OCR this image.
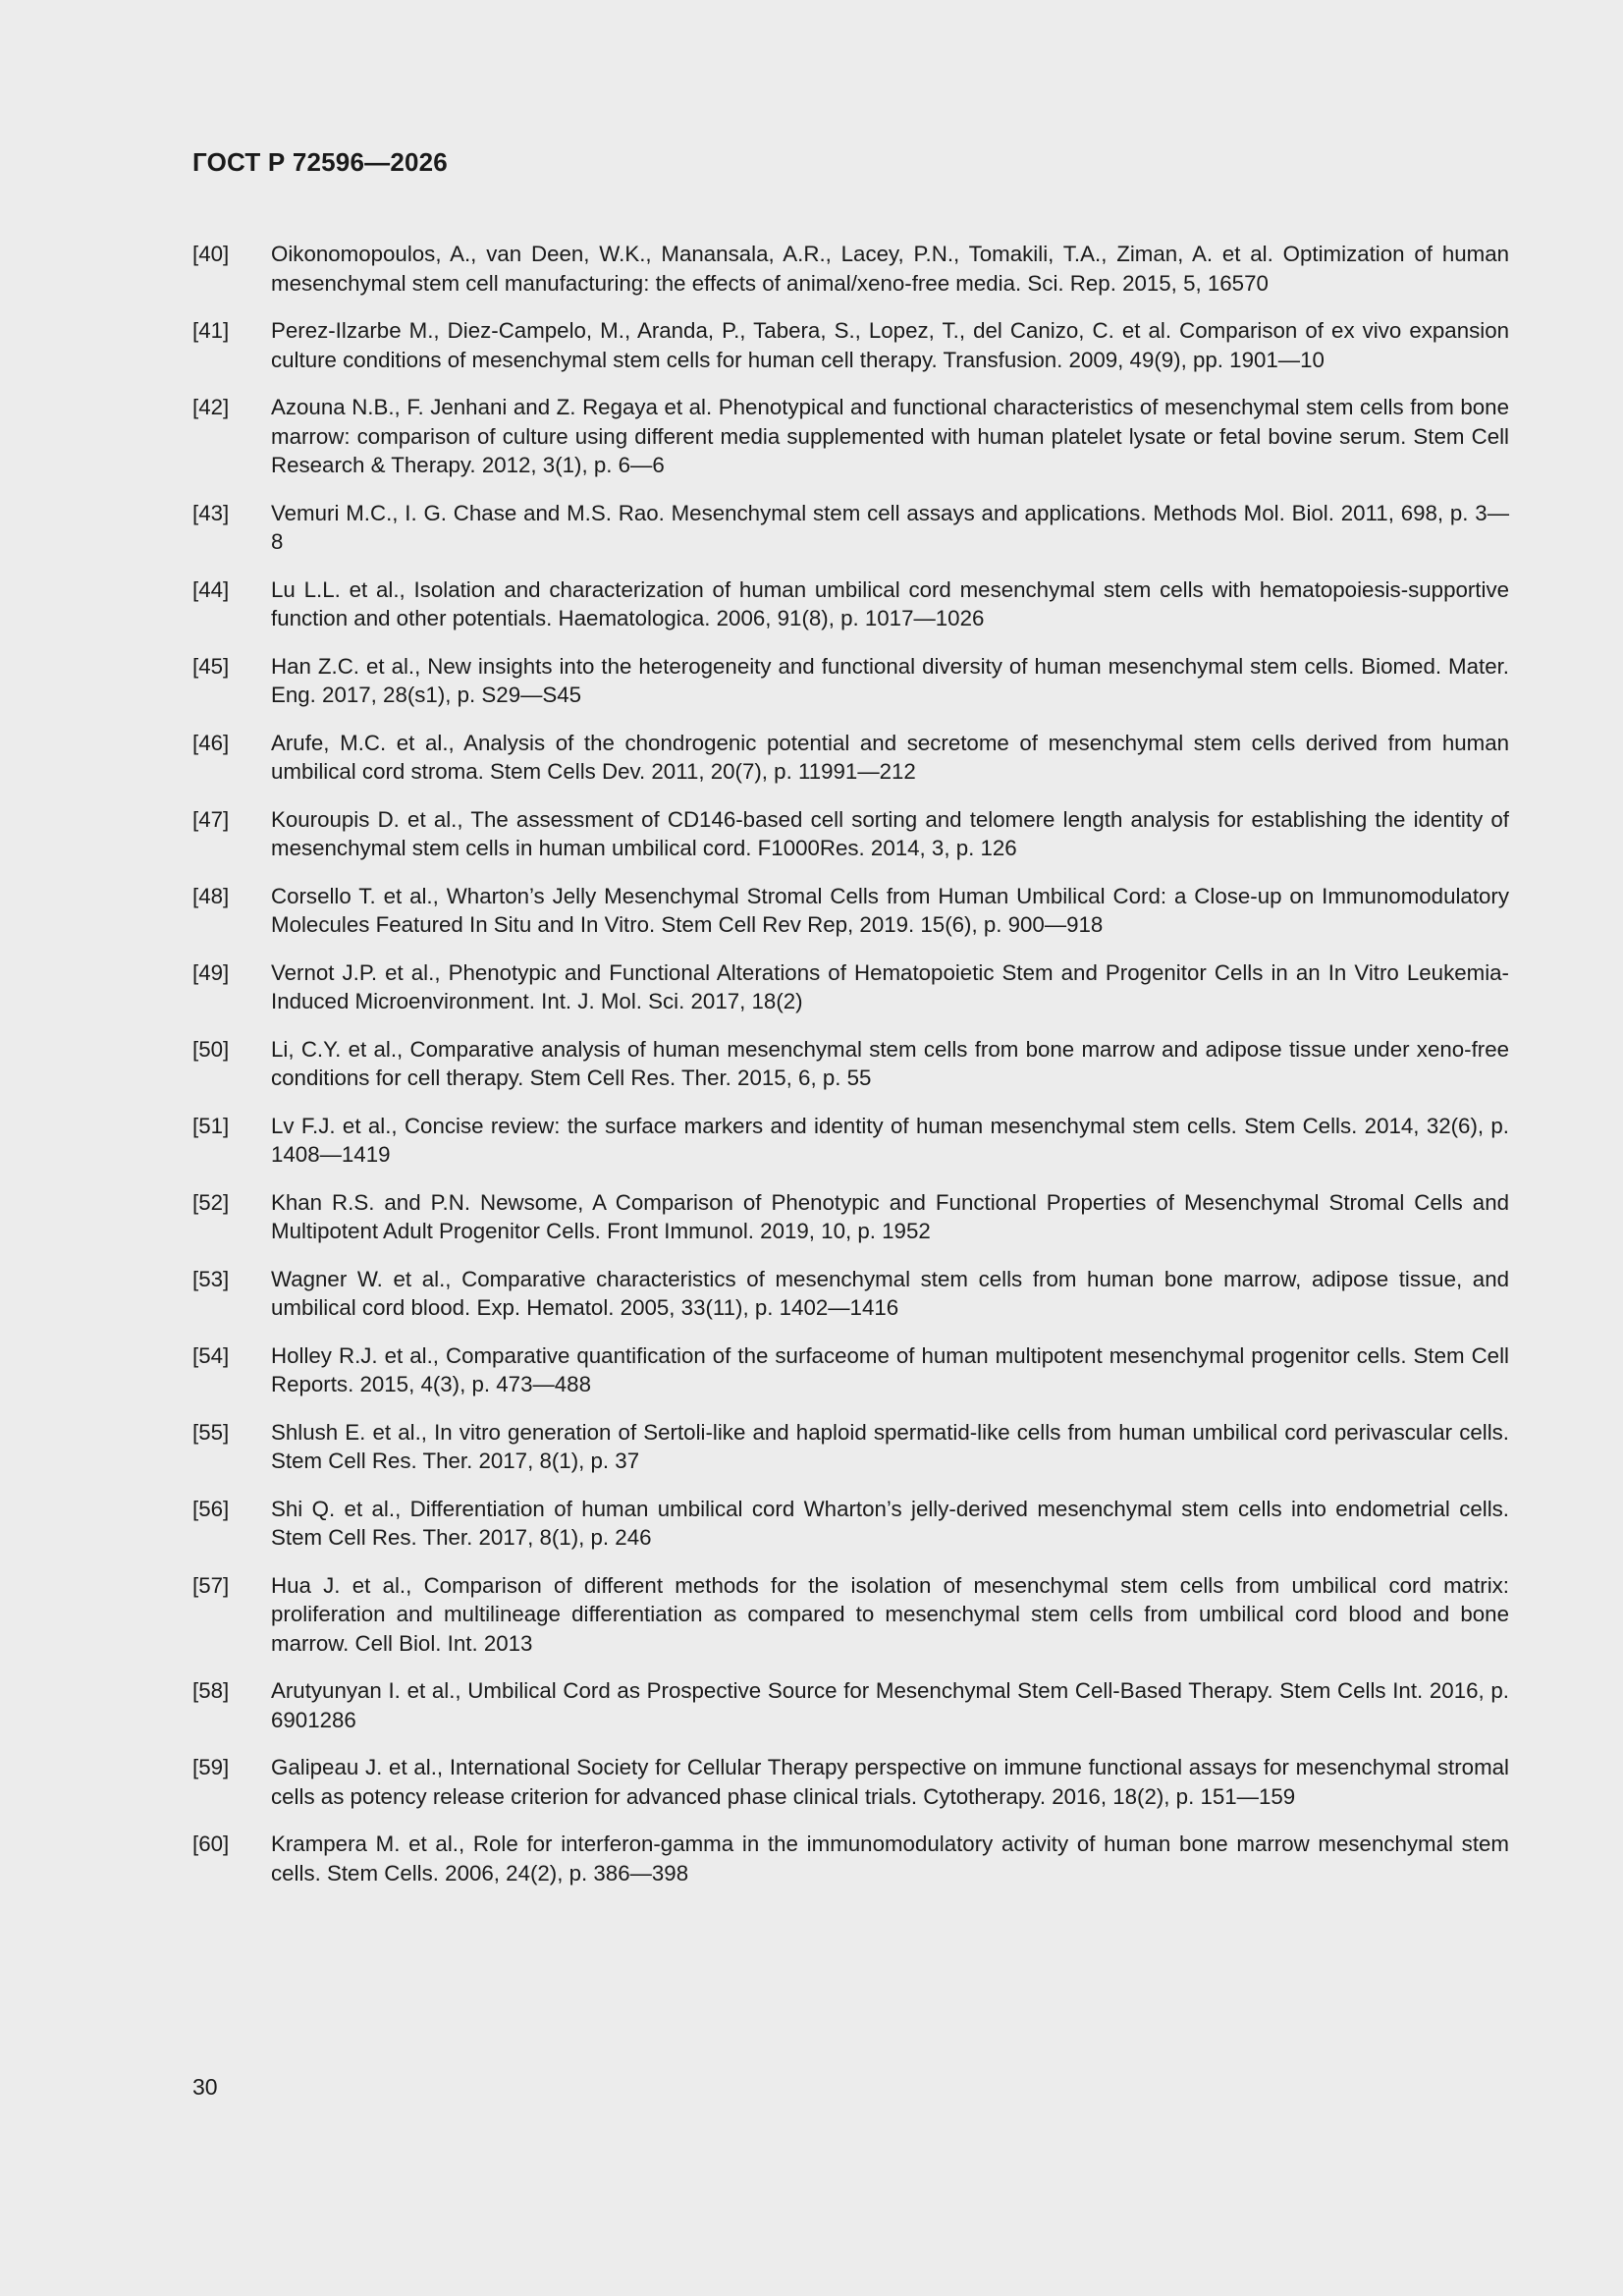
ГОСТ Р 72596—2026
[40]	Oikonomopoulos, A., van Deen, W.K., Manansala, A.R., Lacey, P.N., Tomakili, T.A., Ziman, A. et al. Optimization of human mesenchymal stem cell manufacturing: the effects of animal/xeno-free media. Sci. Rep. 2015, 5, 16570
[41]	Perez-Ilzarbe M., Diez-Campelo, M., Aranda, P., Tabera, S., Lopez, T., del Canizo, C. et al. Comparison of ex vivo expansion culture conditions of mesenchymal stem cells for human cell therapy. Transfusion. 2009, 49(9), pp. 1901—10
[42]	Azouna N.B., F. Jenhani and Z. Regaya et al. Phenotypical and functional characteristics of mesenchymal stem cells from bone marrow: comparison of culture using different media supplemented with human platelet lysate or fetal bovine serum. Stem Cell Research & Therapy. 2012, 3(1), p. 6—6
[43]	Vemuri M.C., I. G. Chase and M.S. Rao. Mesenchymal stem cell assays and applications. Methods Mol. Biol. 2011, 698, p. 3—8
[44]	Lu L.L. et al., Isolation and characterization of human umbilical cord mesenchymal stem cells with hematopoiesis-supportive function and other potentials. Haematologica. 2006, 91(8), p. 1017—1026
[45]	Han Z.C. et al., New insights into the heterogeneity and functional diversity of human mesenchymal stem cells. Biomed. Mater. Eng. 2017, 28(s1), p. S29—S45
[46]	Arufe, M.C. et al., Analysis of the chondrogenic potential and secretome of mesenchymal stem cells derived from human umbilical cord stroma. Stem Cells Dev. 2011, 20(7), p. 11991—212
[47]	Kouroupis D. et al., The assessment of CD146-based cell sorting and telomere length analysis for establishing the identity of mesenchymal stem cells in human umbilical cord. F1000Res. 2014, 3, p. 126
[48]	Corsello T. et al., Wharton’s Jelly Mesenchymal Stromal Cells from Human Umbilical Cord: a Close-up on Immunomodulatory Molecules Featured In Situ and In Vitro. Stem Cell Rev Rep, 2019. 15(6), p. 900—918
[49]	Vernot J.P. et al., Phenotypic and Functional Alterations of Hematopoietic Stem and Progenitor Cells in an In Vitro Leukemia-Induced Microenvironment. Int. J. Mol. Sci. 2017, 18(2)
[50]	Li, C.Y. et al., Comparative analysis of human mesenchymal stem cells from bone marrow and adipose tissue under xeno-free conditions for cell therapy. Stem Cell Res. Ther. 2015, 6, p. 55
[51]	Lv F.J. et al., Concise review: the surface markers and identity of human mesenchymal stem cells. Stem Cells. 2014, 32(6), p. 1408—1419
[52]	Khan R.S. and P.N. Newsome, A Comparison of Phenotypic and Functional Properties of Mesenchymal Stromal Cells and Multipotent Adult Progenitor Cells. Front Immunol. 2019, 10, p. 1952
[53]	Wagner W. et al., Comparative characteristics of mesenchymal stem cells from human bone marrow, adipose tissue, and umbilical cord blood. Exp. Hematol. 2005, 33(11), p. 1402—1416
[54]	Holley R.J. et al., Comparative quantification of the surfaceome of human multipotent mesenchymal progenitor cells. Stem Cell Reports. 2015, 4(3), p. 473—488
[55]	Shlush E. et al., In vitro generation of Sertoli-like and haploid spermatid-like cells from human umbilical cord perivascular cells. Stem Cell Res. Ther. 2017, 8(1), p. 37
[56]	Shi Q. et al., Differentiation of human umbilical cord Wharton’s jelly-derived mesenchymal stem cells into endometrial cells. Stem Cell Res. Ther. 2017, 8(1), p. 246
[57]	Hua J. et al., Comparison of different methods for the isolation of mesenchymal stem cells from umbilical cord matrix: proliferation and multilineage differentiation as compared to mesenchymal stem cells from umbilical cord blood and bone marrow. Cell Biol. Int. 2013
[58]	Arutyunyan I. et al., Umbilical Cord as Prospective Source for Mesenchymal Stem Cell-Based Therapy. Stem Cells Int. 2016, p. 6901286
[59]	Galipeau J. et al., International Society for Cellular Therapy perspective on immune functional assays for mesenchymal stromal cells as potency release criterion for advanced phase clinical trials. Cytotherapy. 2016, 18(2), p. 151—159
[60]	Krampera M. et al., Role for interferon-gamma in the immunomodulatory activity of human bone marrow mesenchymal stem cells. Stem Cells. 2006, 24(2), p. 386—398
30
